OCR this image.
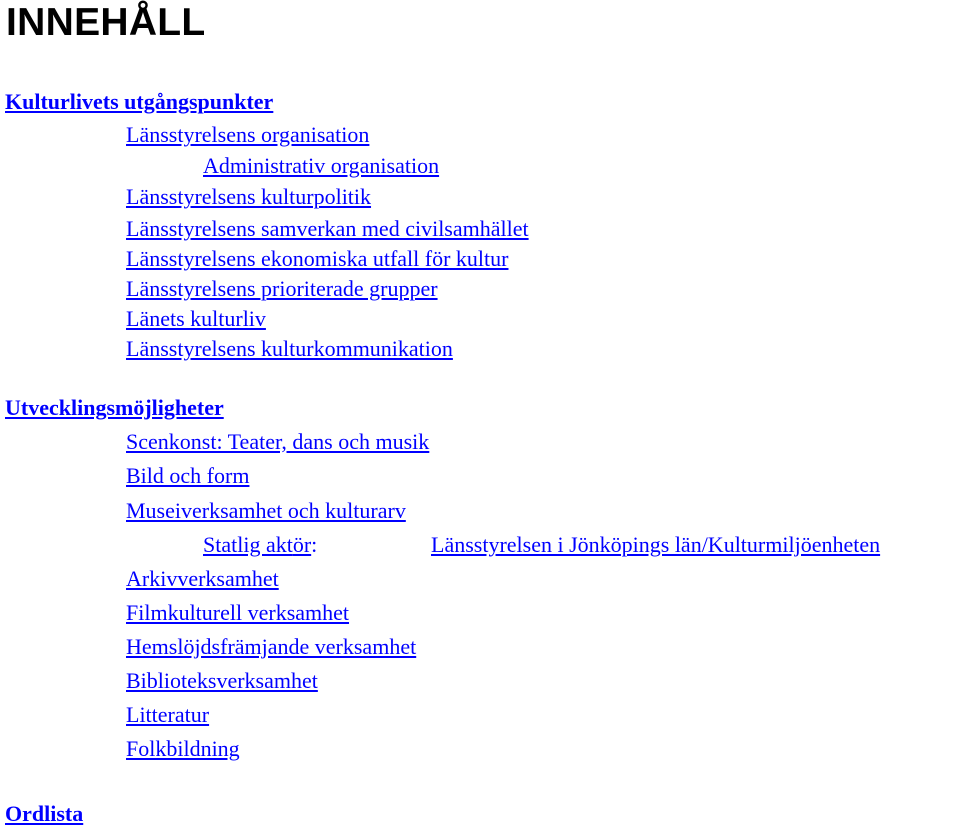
INNEHÅLL
Kulturlivets utgångspunkter
Länsstyrelsens organisation
Administrativ organisation
Länsstyrelsens kulturpolitik
Länsstyrelsens samverkan med civilsamhället
Länsstyrelsens ekonomiska utfall för kultur
Länsstyrelsens prioriterade grupper
Länets kulturliv
Länsstyrelsens kulturkommunikation
Utvecklingsmöjligheter
Scenkonst: Teater, dans och musik
Bild och form
Museiverksamhet och kulturarv
Statlig aktör:	Länsstyrelsen i Jönköpings län/Kulturmiljöenheten
Arkivverksamhet
Filmkulturell verksamhet
Hemslöjdsfrämjande verksamhet
Biblioteksverksamhet
Litteratur
Folkbildning
Ordlista
